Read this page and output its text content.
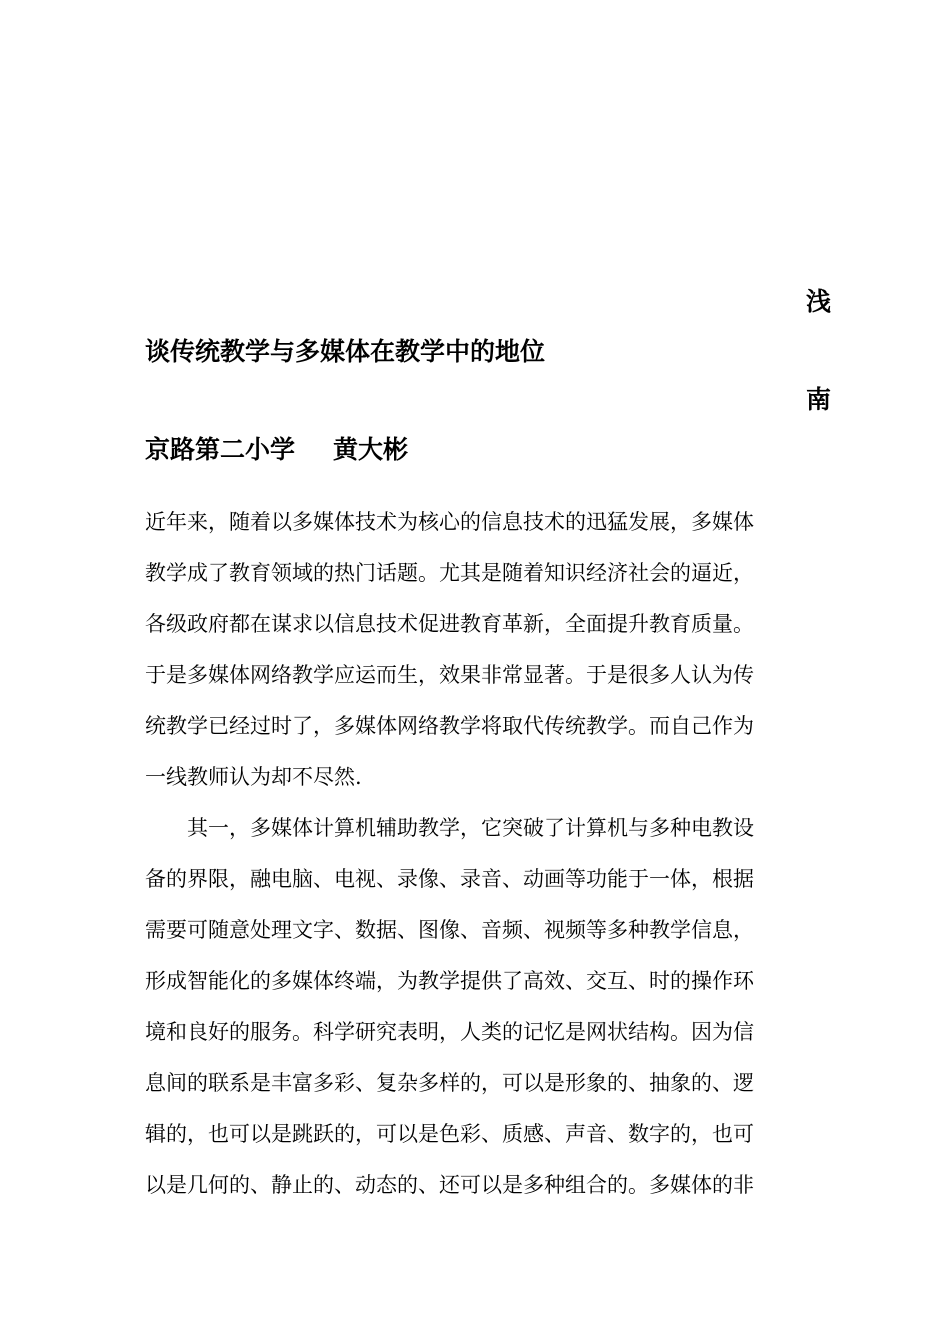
浅
谈传统教学与多媒体在教学中的地位
南
京路第二小学 黄大彬
近年来，随着以多媒体技术为核心的信息技术的迅猛发展，多媒体
教学成了教育领域的热门话题。尤其是随着知识经济社会的逼近，
各级政府都在谋求以信息技术促进教育革新，全面提升教育质量。
于是多媒体网络教学应运而生，效果非常显著。于是很多人认为传
统教学已经过时了，多媒体网络教学将取代传统教学。而自己作为
一线教师认为却不尽然.
　　其一，多媒体计算机辅助教学，它突破了计算机与多种电教设
备的界限，融电脑、电视、录像、录音、动画等功能于一体，根据
需要可随意处理文字、数据、图像、音频、视频等多种教学信息，
形成智能化的多媒体终端，为教学提供了高效、交互、时的操作环
境和良好的服务。科学研究表明，人类的记忆是网状结构。因为信
息间的联系是丰富多彩、复杂多样的，可以是形象的、抽象的、逻
辑的，也可以是跳跃的，可以是色彩、质感、声音、数字的，也可
以是几何的、静止的、动态的、还可以是多种组合的。多媒体的非
